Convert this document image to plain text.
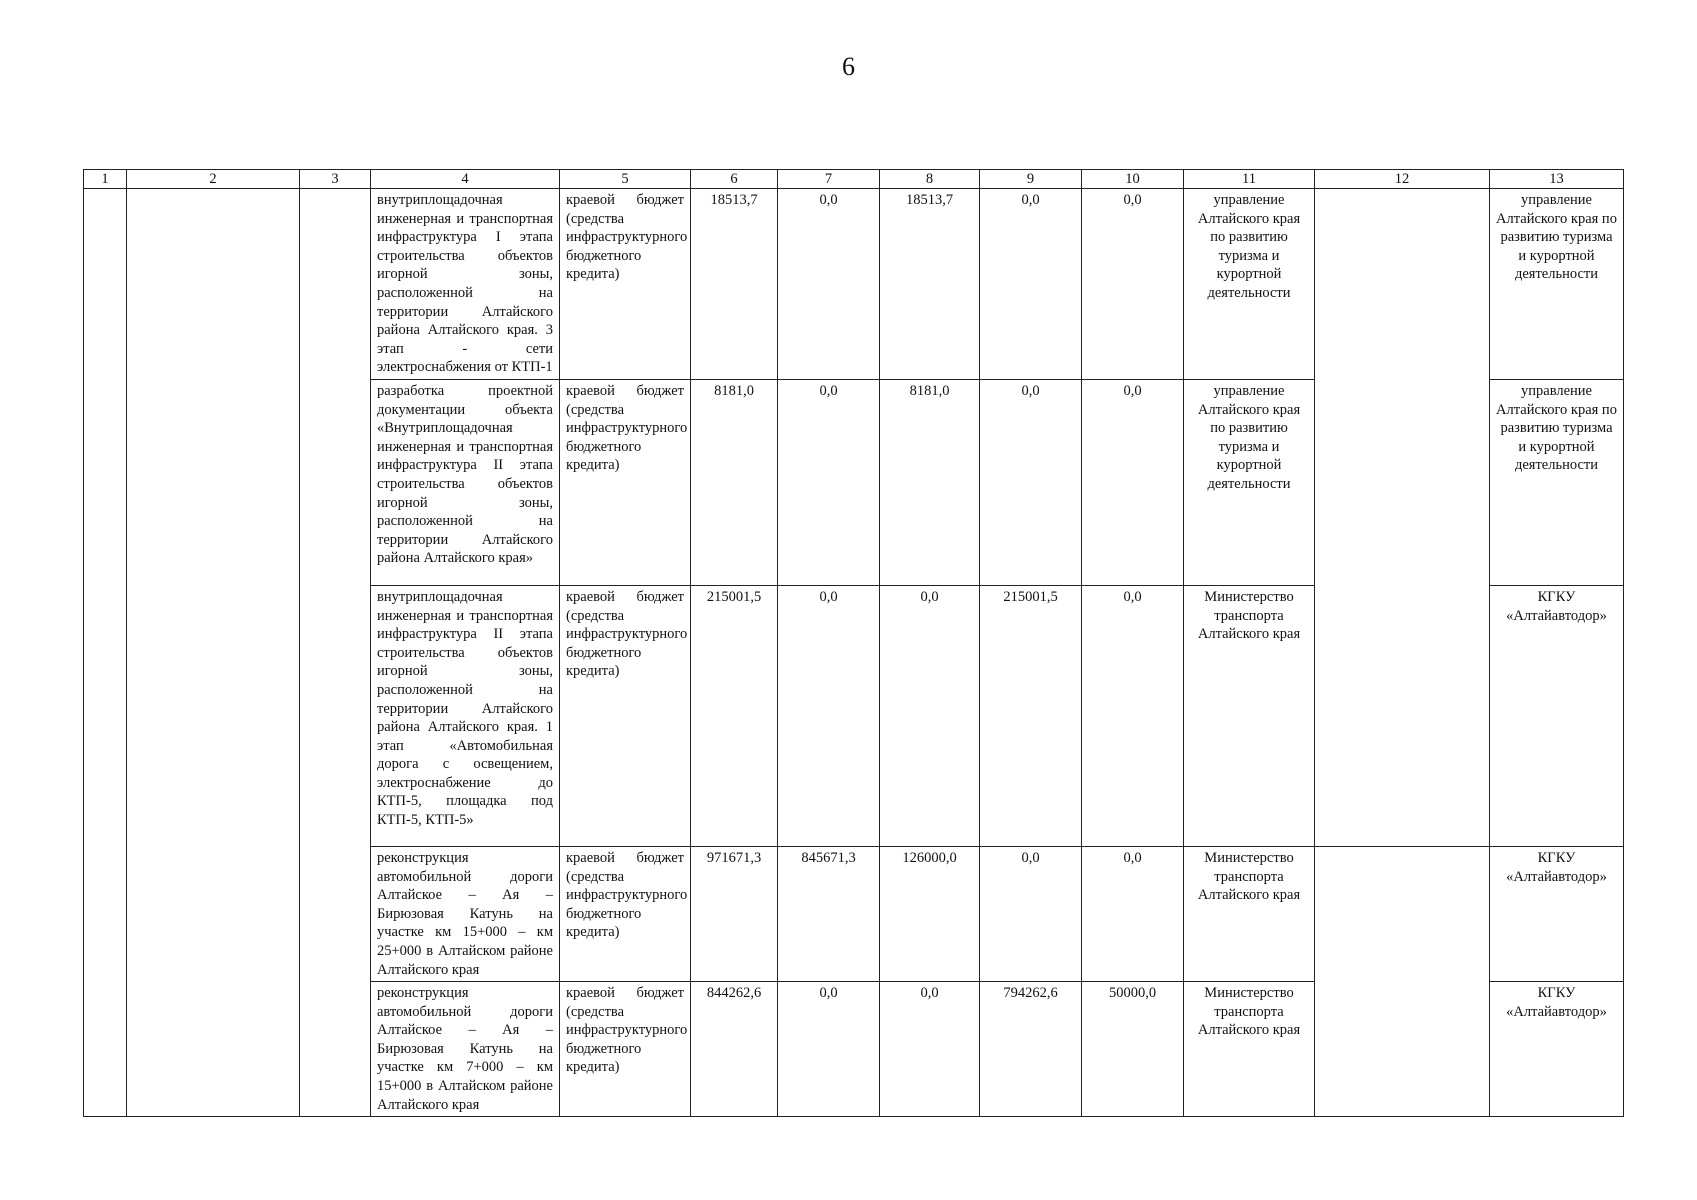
6
1	2	3	4	5	6	7	8	9	10	11	12	13
			внутриплощадочная инженерная и транспортная инфраструктура I этапа строительства объектов игорной зоны, расположенной на территории Алтайского района Алтайского края. 3 этап - сети электроснабжения от КТП-1	краевой бюджет (средства инфраструктурного бюджетного кредита)	18513,7	0,0	18513,7	0,0	0,0	управление Алтайского края по развитию туризма и курортной деятельности		управление Алтайского края по развитию туризма и курортной деятельности
			разработка проектной документации объекта «Внутриплощадочная инженерная и транспортная инфраструктура II этапа строительства объектов игорной зоны, расположенной на территории Алтайского района Алтайского края»	краевой бюджет (средства инфраструктурного бюджетного кредита)	8181,0	0,0	8181,0	0,0	0,0	управление Алтайского края по развитию туризма и курортной деятельности		управление Алтайского края по развитию туризма и курортной деятельности
			внутриплощадочная инженерная и транспортная инфраструктура II этапа строительства объектов игорной зоны, расположенной на территории Алтайского района Алтайского края. 1 этап «Автомобильная дорога с освещением, электроснабжение до КТП-5, площадка под КТП-5, КТП-5»	краевой бюджет (средства инфраструктурного бюджетного кредита)	215001,5	0,0	0,0	215001,5	0,0	Министерство транспорта Алтайского края		КГКУ «Алтайавтодор»
			реконструкция автомобильной дороги Алтайское – Ая – Бирюзовая Катунь на участке км 15+000 – км 25+000 в Алтайском районе Алтайского края	краевой бюджет (средства инфраструктурного бюджетного кредита)	971671,3	845671,3	126000,0	0,0	0,0	Министерство транспорта Алтайского края		КГКУ «Алтайавтодор»
			реконструкция автомобильной дороги Алтайское – Ая – Бирюзовая Катунь на участке км 7+000 – км 15+000 в Алтайском районе Алтайского края	краевой бюджет (средства инфраструктурного бюджетного кредита)	844262,6	0,0	0,0	794262,6	50000,0	Министерство транспорта Алтайского края		КГКУ «Алтайавтодор»
